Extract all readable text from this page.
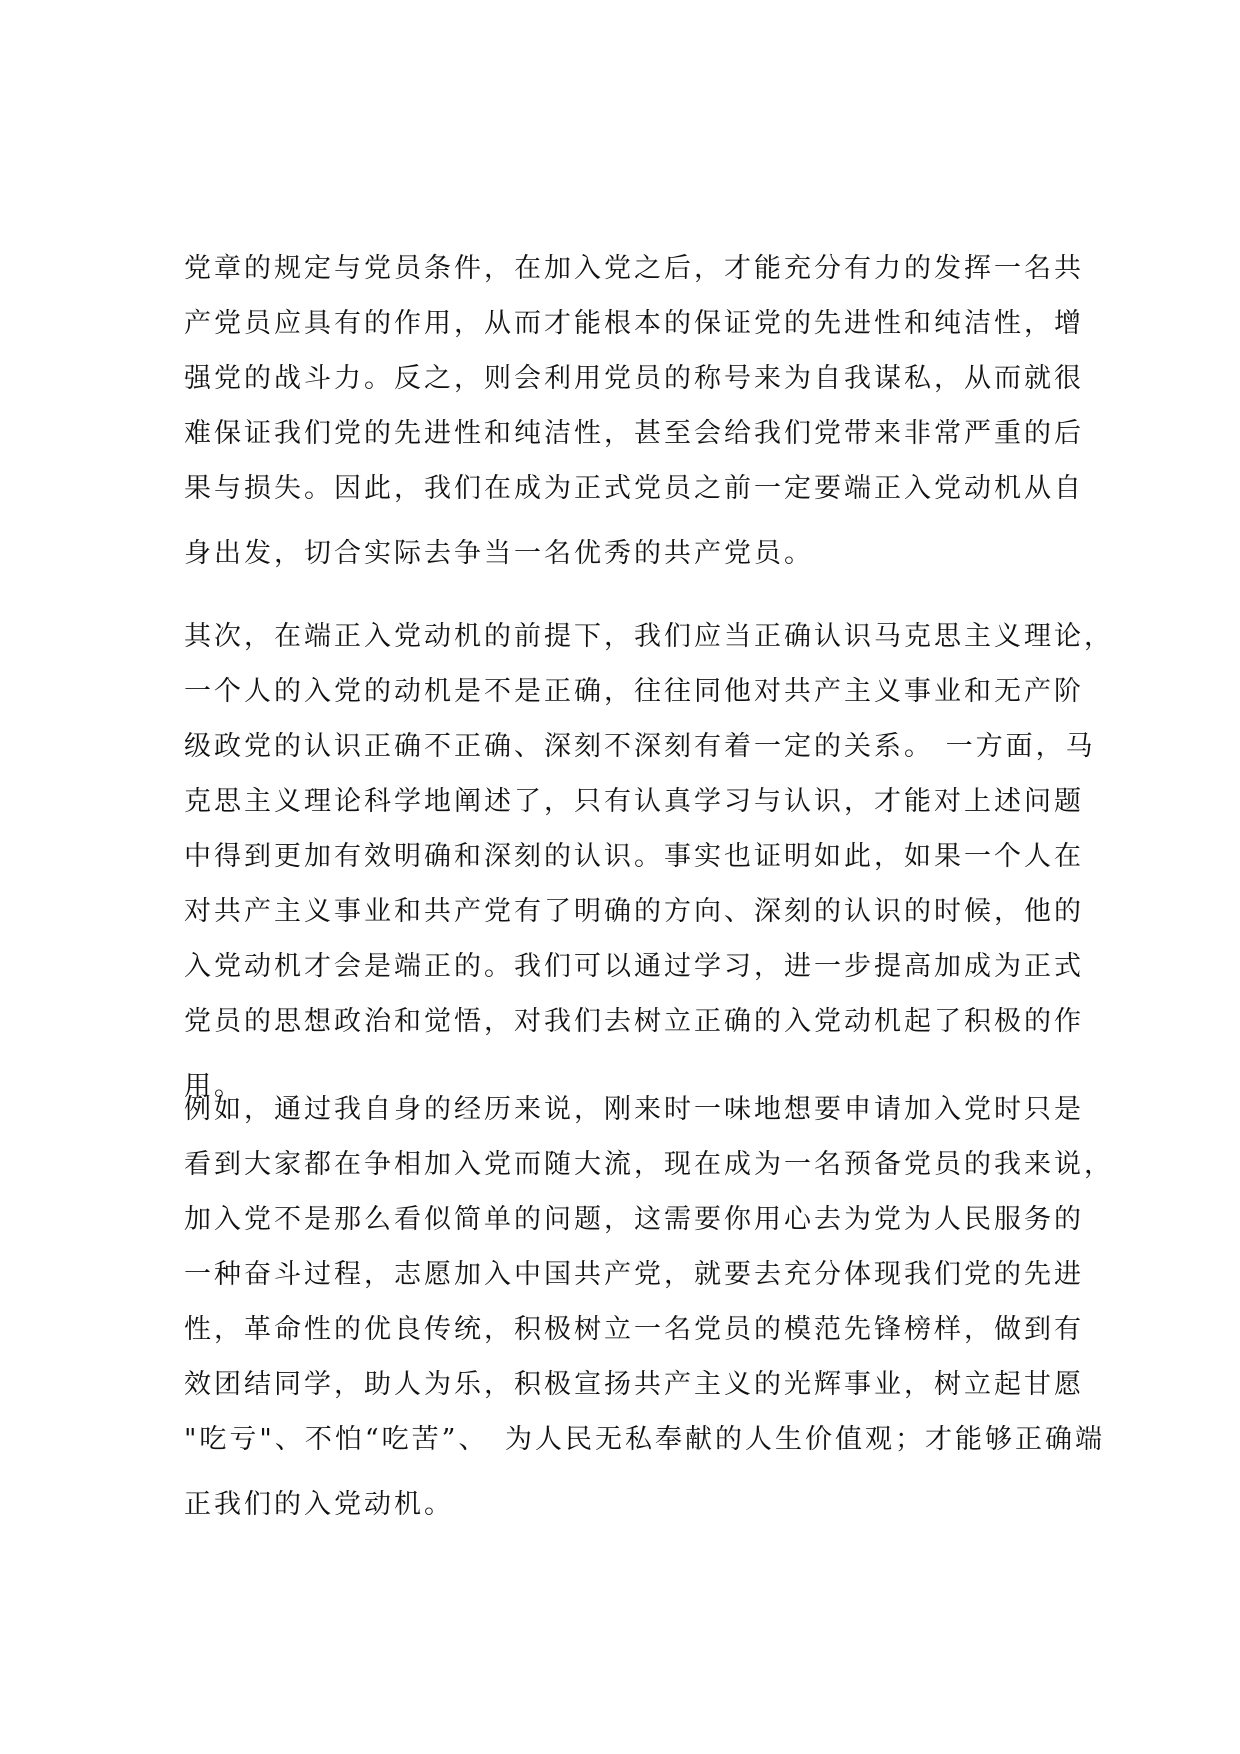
党章的规定与党员条件，在加入党之后，才能充分有力的发挥一名共
产党员应具有的作用，从而才能根本的保证党的先进性和纯洁性，增
强党的战斗力。反之，则会利用党员的称号来为自我谋私，从而就很
难保证我们党的先进性和纯洁性，甚至会给我们党带来非常严重的后
果与损失。因此，我们在成为正式党员之前一定要端正入党动机从自
身出发，切合实际去争当一名优秀的共产党员。

其次，在端正入党动机的前提下，我们应当正确认识马克思主义理论，
一个人的入党的动机是不是正确，往往同他对共产主义事业和无产阶
级政党的认识正确不正确、深刻不深刻有着一定的关系。 一方面，马
克思主义理论科学地阐述了，只有认真学习与认识，才能对上述问题
中得到更加有效明确和深刻的认识。事实也证明如此，如果一个人在
对共产主义事业和共产党有了明确的方向、深刻的认识的时候，他的
入党动机才会是端正的。我们可以通过学习，进一步提高加成为正式
党员的思想政治和觉悟，对我们去树立正确的入党动机起了积极的作
用。

例如，通过我自身的经历来说，刚来时一味地想要申请加入党时只是
看到大家都在争相加入党而随大流，现在成为一名预备党员的我来说，
加入党不是那么看似简单的问题，这需要你用心去为党为人民服务的
一种奋斗过程，志愿加入中国共产党，就要去充分体现我们党的先进
性，革命性的优良传统，积极树立一名党员的模范先锋榜样，做到有
效团结同学，助人为乐，积极宣扬共产主义的光辉事业，树立起甘愿
"吃亏"、不怕“吃苦”、　为人民无私奉献的人生价值观；才能够正确端
正我们的入党动机。
